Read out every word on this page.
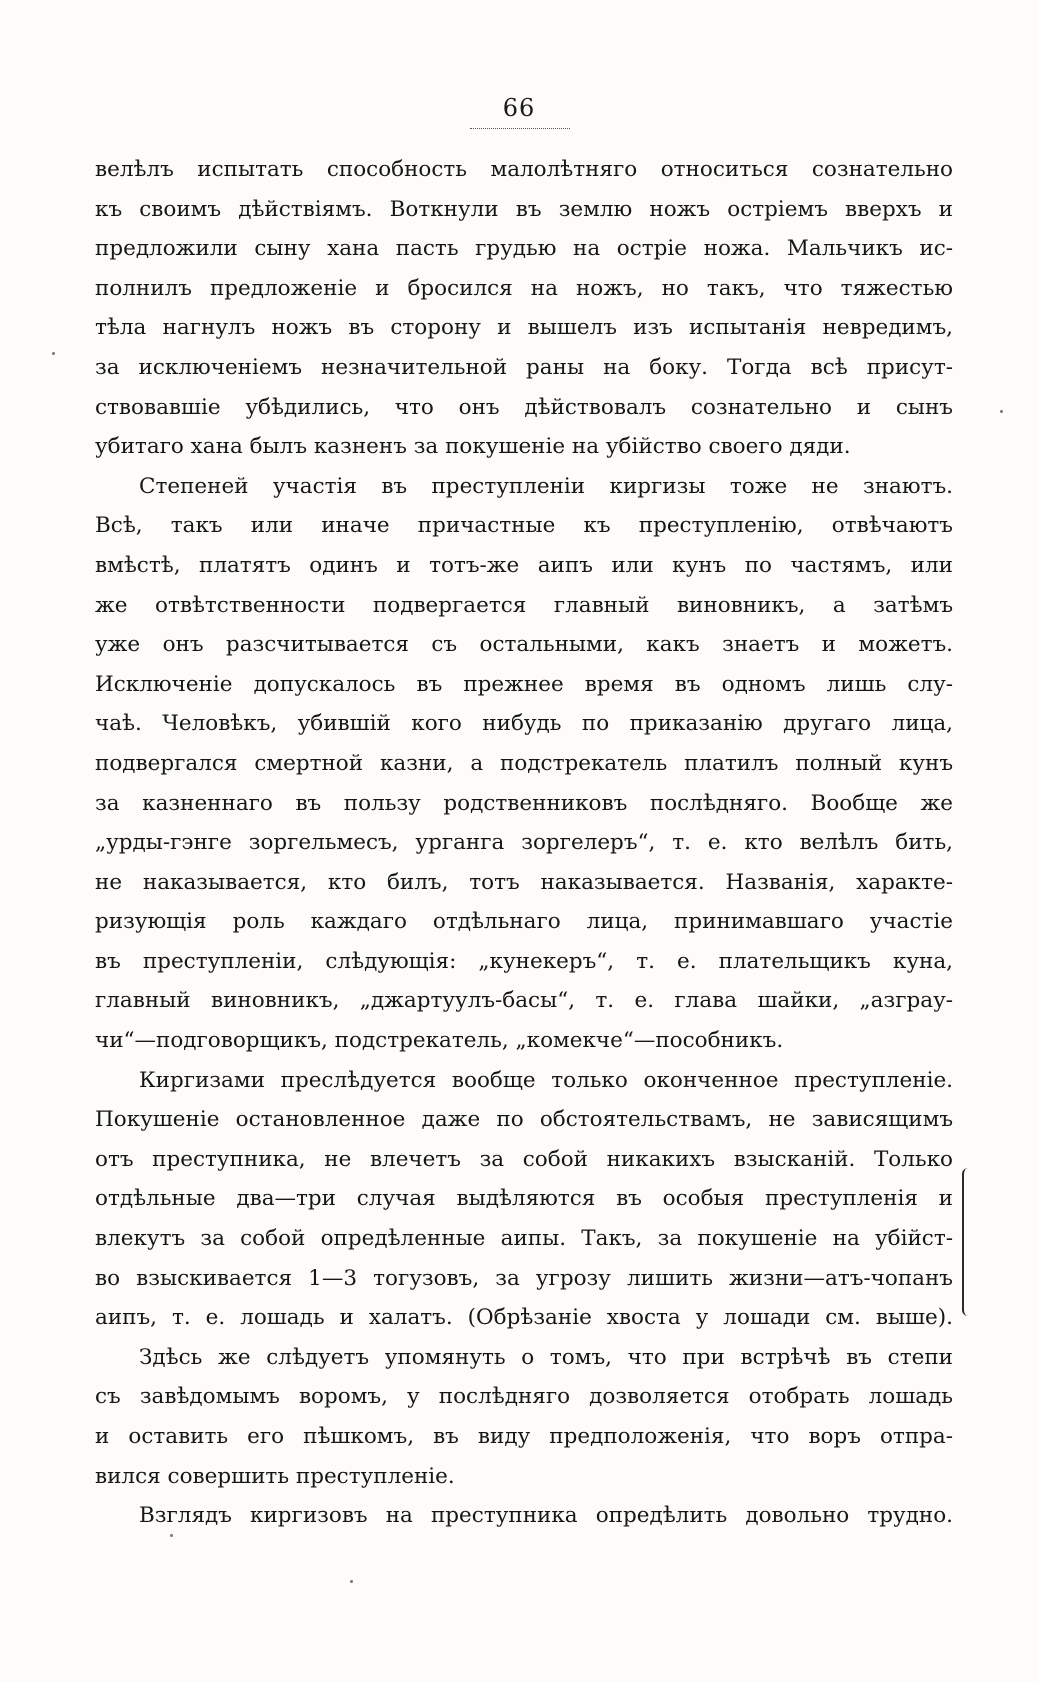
66
велѣлъ испытать способность малолѣтняго относиться сознательно
къ своимъ дѣйствіямъ. Воткнули въ землю ножъ остріемъ вверхъ и
предложили сыну хана пасть грудью на остріе ножа. Мальчикъ ис-
полнилъ предложеніе и бросился на ножъ, но такъ, что тяжестью
тѣла нагнулъ ножъ въ сторону и вышелъ изъ испытанія невредимъ,
за исключеніемъ незначительной раны на боку. Тогда всѣ присут-
ствовавшіе убѣдились, что онъ дѣйствовалъ сознательно и сынъ
убитаго хана былъ казненъ за покушеніе на убійство своего дяди.
Степеней участія въ преступленіи киргизы тоже не знаютъ.
Всѣ, такъ или иначе причастные къ преступленію, отвѣчаютъ
вмѣстѣ, платятъ одинъ и тотъ-же аипъ или кунъ по частямъ, или
же отвѣтственности подвергается главный виновникъ, а затѣмъ
уже онъ разсчитывается съ остальными, какъ знаетъ и можетъ.
Исключеніе допускалось въ прежнее время въ одномъ лишь слу-
чаѣ. Человѣкъ, убившій кого нибудь по приказанію другаго лица,
подвергался смертной казни, а подстрекатель платилъ полный кунъ
за казненнаго въ пользу родственниковъ послѣдняго. Вообще же
„урды-гэнге зоргельмесъ, урганга зоргелеръ“, т. е. кто велѣлъ бить,
не наказывается, кто билъ, тотъ наказывается. Названія, характе-
ризующія роль каждаго отдѣльнаго лица, принимавшаго участіе
въ преступленіи, слѣдующія: „кунекеръ“, т. е. плательщикъ куна,
главный виновникъ, „джартуулъ-басы“, т. е. глава шайки, „азграу-
чи“—подговорщикъ, подстрекатель, „комекче“—пособникъ.
Киргизами преслѣдуется вообще только оконченное преступленіе.
Покушеніе остановленное даже по обстоятельствамъ, не зависящимъ
отъ преступника, не влечетъ за собой никакихъ взысканій. Только
отдѣльные два—три случая выдѣляются въ особыя преступленія и
влекутъ за собой опредѣленные аипы. Такъ, за покушеніе на убійст-
во взыскивается 1—3 тогузовъ, за угрозу лишить жизни—атъ-чопанъ
аипъ, т. е. лошадь и халатъ. (Обрѣзаніе хвоста у лошади см. выше).
Здѣсь же слѣдуетъ упомянуть о томъ, что при встрѣчѣ въ степи
съ завѣдомымъ воромъ, у послѣдняго дозволяется отобрать лошадь
и оставить его пѣшкомъ, въ виду предположенія, что воръ отпра-
вился совершить преступленіе.
Взглядъ киргизовъ на преступника опредѣлить довольно трудно.
